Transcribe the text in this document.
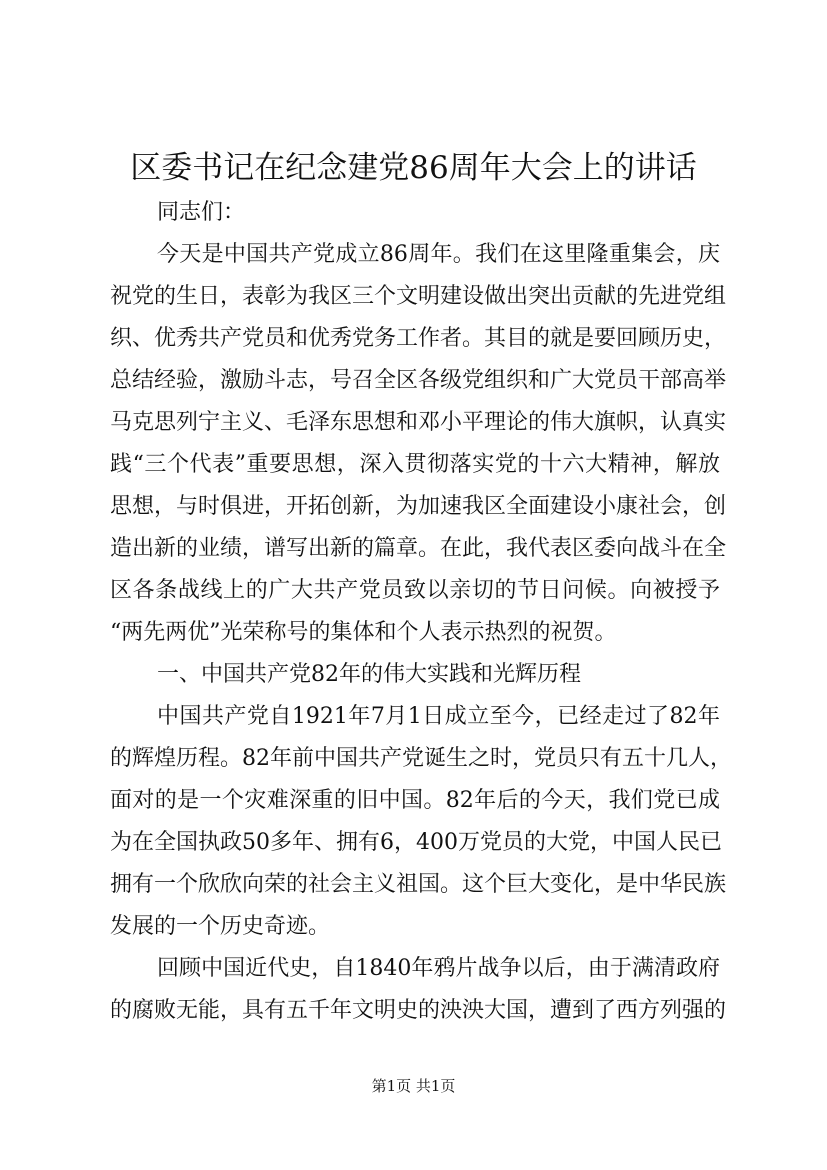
区委书记在纪念建党86周年大会上的讲话
同志们：
今天是中国共产党成立86周年。我们在这里隆重集会，庆
祝党的生日，表彰为我区三个文明建设做出突出贡献的先进党组
织、优秀共产党员和优秀党务工作者。其目的就是要回顾历史，
总结经验，激励斗志，号召全区各级党组织和广大党员干部高举
马克思列宁主义、毛泽东思想和邓小平理论的伟大旗帜，认真实
践“三个代表”重要思想，深入贯彻落实党的十六大精神，解放
思想，与时俱进，开拓创新，为加速我区全面建设小康社会，创
造出新的业绩，谱写出新的篇章。在此，我代表区委向战斗在全
区各条战线上的广大共产党员致以亲切的节日问候。向被授予
“两先两优”光荣称号的集体和个人表示热烈的祝贺。
一、中国共产党82年的伟大实践和光辉历程
中国共产党自1921年7月1日成立至今，已经走过了82年
的辉煌历程。82年前中国共产党诞生之时，党员只有五十几人，
面对的是一个灾难深重的旧中国。82年后的今天，我们党已成
为在全国执政50多年、拥有6，400万党员的大党，中国人民已
拥有一个欣欣向荣的社会主义祖国。这个巨大变化，是中华民族
发展的一个历史奇迹。
回顾中国近代史，自1840年鸦片战争以后，由于满清政府
的腐败无能，具有五千年文明史的泱泱大国，遭到了西方列强的
第1页 共1页
